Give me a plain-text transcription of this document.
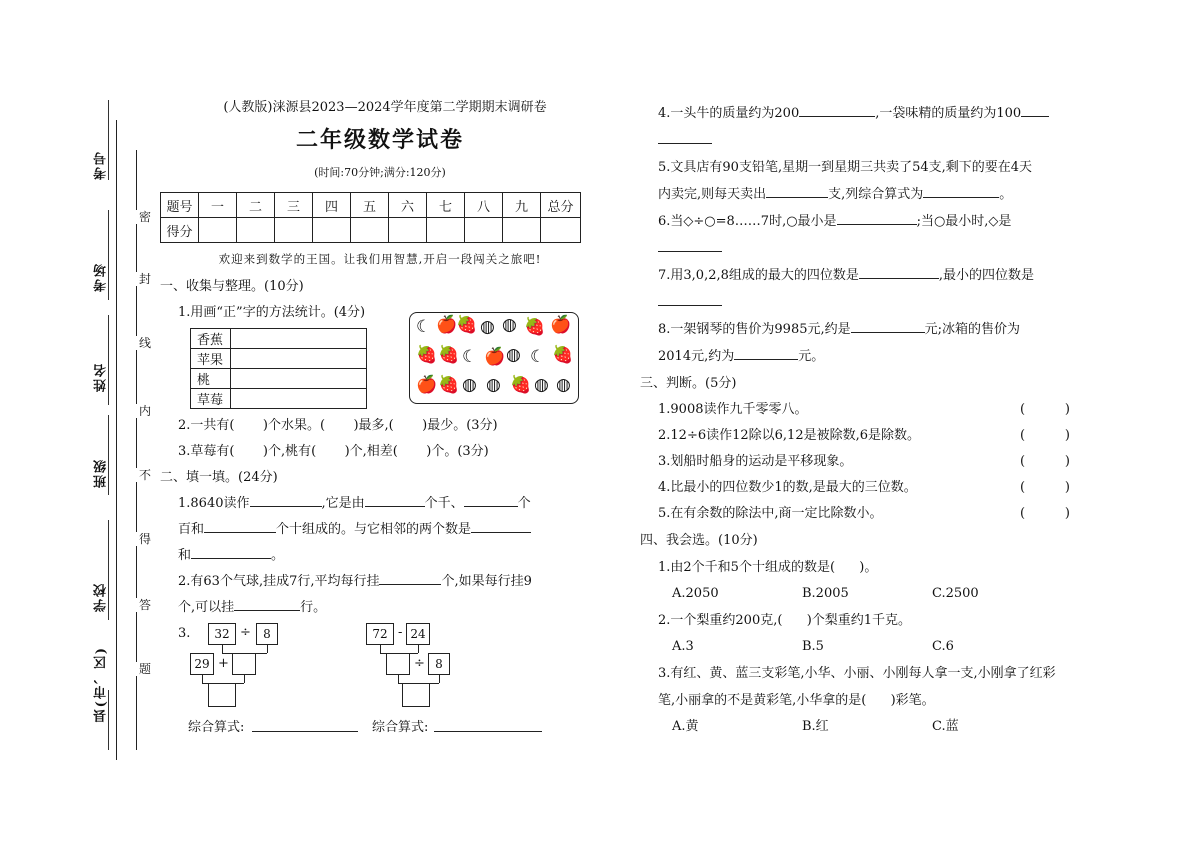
考号
考场
姓名
班级
学校
县(市、区)
密
封
线
内
不
得
答
题
(人教版)涞源县2023—2024学年度第二学期期末调研卷
二年级数学试卷
(时间:70分钟;满分:120分)
题号	一	二	三	四	五	六	七	八	九	总分
得分										
欢迎来到数学的王国。让我们用智慧,开启一段闯关之旅吧!
一、收集与整理。(10分)
1.用画“正”字的方法统计。(4分)
香蕉	
苹果	
桃	
草莓	
2.一共有( )个水果。( )最多,( )最少。(3分)
3.草莓有( )个,桃有( )个,相差( )个。(3分)
二、填一填。(24分)
1.8640读作	,它是由	个千、	个
百和	个十组成的。与它相邻的两个数是
和	。
2.有63个气球,挂成7行,平均每行挂	个,如果每行挂9
个,可以挂	行。
3.
☾ 🍎
🍓 ◍ ◍ 🍓 🍎
🍓 🍓 ☾ 🍎 ◍ ☾ 🍓
🍎 🍓 ◍ ◍ 🍓 ◍ ◍
32 ÷	8
29 +
综合算式:
72 - 24
÷ 8
综合算式:
4.一头牛的质量约为200	,一袋味精的质量约为100

5.文具店有90支铅笔,星期一到星期三共卖了54支,剩下的要在4天
内卖完,则每天卖出	支,列综合算式为	。
6.当◇÷○=8……7时,○最小是	;当○最小时,◇是

7.用3,0,2,8组成的最大的四位数是	,最小的四位数是

8.一架钢琴的售价为9985元,约是	元;冰箱的售价为
2014元,约为	元。
三、判断。(5分)
1.9008读作九千零零八。	(	)
2.12÷6读作12除以6,12是被除数,6是除数。	(	)
3.划船时船身的运动是平移现象。	(	)
4.比最小的四位数少1的数,是最大的三位数。	(	)
5.在有余数的除法中,商一定比除数小。	(	)
四、我会选。(10分)
1.由2个千和5个十组成的数是( )。
A.2050	B.2005	C.2500
2.一个梨重约200克,( )个梨重约1千克。
A.3	B.5	C.6
3.有红、黄、蓝三支彩笔,小华、小丽、小刚每人拿一支,小刚拿了红彩
笔,小丽拿的不是黄彩笔,小华拿的是( )彩笔。
A.黄	B.红	C.蓝
